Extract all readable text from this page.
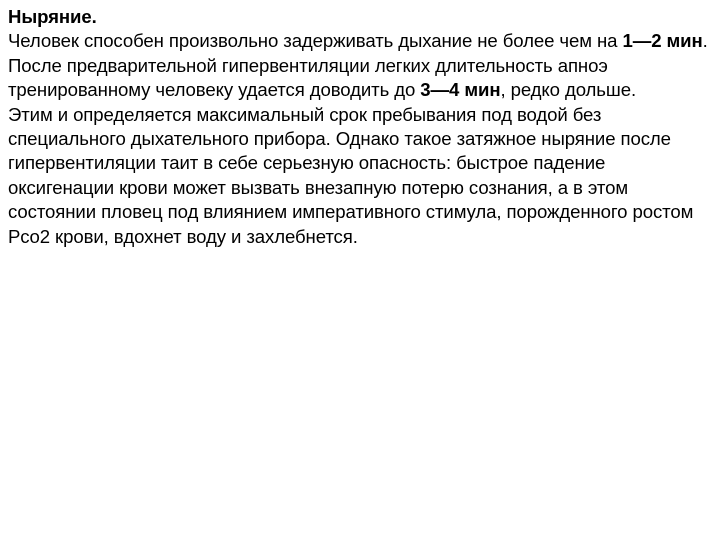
Ныряние.

Человек способен произвольно задерживать дыхание не более чем на 1—2 мин. После предварительной гипервентиляции легких длительность апноэ тренированному человеку удается доводить до 3—4 мин, редко дольше.

Этим и определяется максимальный срок пребывания под водой без специального дыхательного прибора. Однако такое затяжное ныряние после гипервентиляции таит в себе серьезную опасность: быстрое падение оксигенации крови может вызвать внезапную потерю сознания, а в этом состоянии пловец под влиянием императивного стимула, порожденного ростом Pco2 крови, вдохнет воду и захлебнется.
